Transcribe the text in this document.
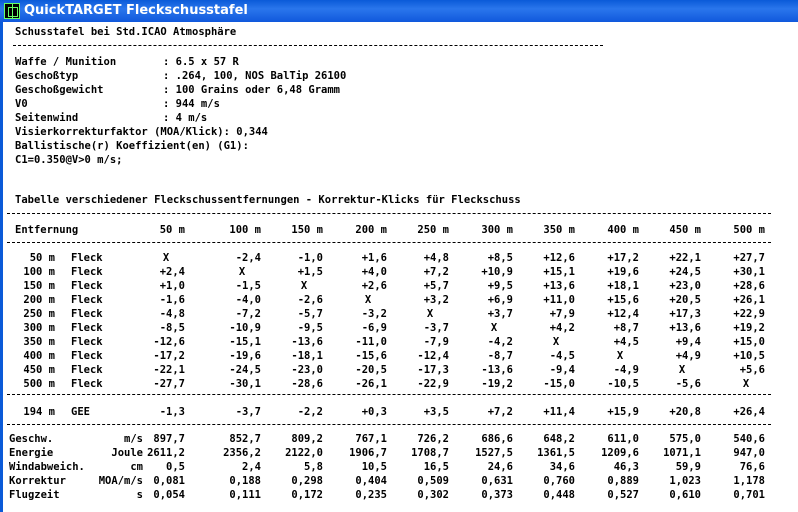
QuickTARGET Fleckschusstafel
Schusstafel bei Std.ICAO Atmosphäre
Waffe / Munition	: 6.5 x 57 R
Geschoßtyp	: .264, 100, NOS BalTip 26100
Geschoßgewicht	: 100 Grains oder 6,48 Gramm
V0	: 944 m/s
Seitenwind	: 4 m/s
Visierkorrekturfaktor (MOA/Klick): 0,344
Ballistische(r) Koeffizient(en) (G1):
C1=0.350@V>0 m/s;
Tabelle verschiedener Fleckschussentfernungen - Korrektur-Klicks für Fleckschuss
Entfernung	50 m	100 m	150 m	200 m	250 m	300 m	350 m	400 m	450 m	500 m
50 m Fleck	X	-2,4	-1,0	+1,6	+4,8	+8,5	+12,6	+17,2	+22,1	+27,7
100 m Fleck	+2,4	X	+1,5	+4,0	+7,2	+10,9	+15,1	+19,6	+24,5	+30,1
150 m Fleck	+1,0	-1,5	X	+2,6	+5,7	+9,5	+13,6	+18,1	+23,0	+28,6
200 m Fleck	-1,6	-4,0	-2,6	X	+3,2	+6,9	+11,0	+15,6	+20,5	+26,1
250 m Fleck	-4,8	-7,2	-5,7	-3,2	X	+3,7	+7,9	+12,4	+17,3	+22,9
300 m Fleck	-8,5	-10,9	-9,5	-6,9	-3,7	X	+4,2	+8,7	+13,6	+19,2
350 m Fleck	-12,6	-15,1	-13,6	-11,0	-7,9	-4,2	X	+4,5	+9,4	+15,0
400 m Fleck	-17,2	-19,6	-18,1	-15,6	-12,4	-8,7	-4,5	X	+4,9	+10,5
450 m Fleck	-22,1	-24,5	-23,0	-20,5	-17,3	-13,6	-9,4	-4,9	X	+5,6
500 m Fleck	-27,7	-30,1	-28,6	-26,1	-22,9	-19,2	-15,0	-10,5	-5,6	X
194 m GEE	-1,3	-3,7	-2,2	+0,3	+3,5	+7,2	+11,4	+15,9	+20,8	+26,4
Geschw.	m/s 897,7	852,7	809,2	767,1	726,2	686,6	648,2	611,0	575,0	540,6
Energie	Joule 2611,2	2356,2	2122,0	1906,7	1708,7	1527,5	1361,5	1209,6	1071,1	947,0
Windabweich.	cm	0,5	2,4	5,8	10,5	16,5	24,6	34,6	46,3	59,9	76,6
Korrektur	MOA/m/s 0,081	0,188	0,298	0,404	0,509	0,631	0,760	0,889	1,023	1,178
Flugzeit	s 0,054	0,111	0,172	0,235	0,302	0,373	0,448	0,527	0,610	0,701
